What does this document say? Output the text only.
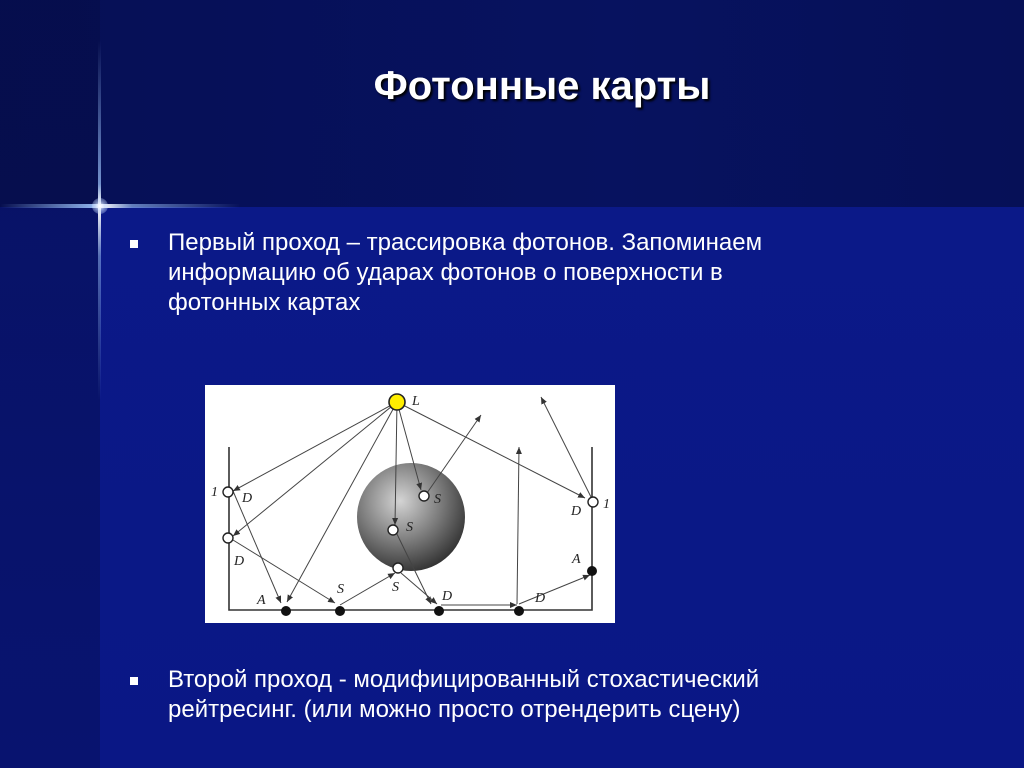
Фотонные карты
Первый проход – трассировка фотонов. Запоминаем
информацию об ударах фотонов о поверхности в
фотонных картах
L
1 D
D
S
S
S
S
A	D	D
A
D 1
Второй проход - модифицированный стохастический
рейтресинг. (или можно просто отрендерить сцену)
